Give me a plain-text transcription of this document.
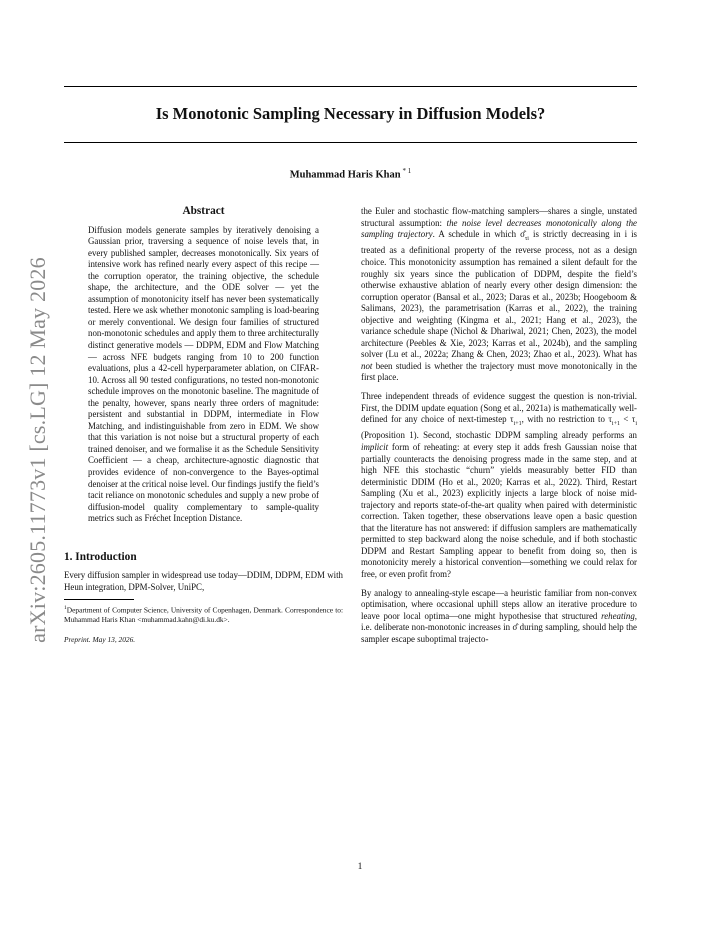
Is Monotonic Sampling Necessary in Diffusion Models?
Muhammad Haris Khan $^{* 1}$
arXiv:2605.11773v1 [cs.LG] 12 May 2026
Abstract
Diffusion models generate samples by iteratively denoising a Gaussian prior, traversing a sequence of noise levels that, in every published sampler, decreases monotonically. Six years of intensive work has refined nearly every aspect of this recipe — the corruption operator, the training objective, the schedule shape, the architecture, and the ODE solver — yet the assumption of monotonicity itself has never been systematically tested. Here we ask whether monotonic sampling is load-bearing or merely conventional. We design four families of structured non-monotonic schedules and apply them to three architecturally distinct generative models — DDPM, EDM and Flow Matching — across NFE budgets ranging from 10 to 200 function evaluations, plus a 42-cell hyperparameter ablation, on CIFAR-10. Across all 90 tested configurations, no tested non-monotonic schedule improves on the monotonic baseline. The magnitude of the penalty, however, spans nearly three orders of magnitude: persistent and substantial in DDPM, intermediate in Flow Matching, and indistinguishable from zero in EDM. We show that this variation is not noise but a structural property of each trained denoiser, and we formalise it as the Schedule Sensitivity Coefficient — a cheap, architecture-agnostic diagnostic that provides evidence of non-convergence to the Bayes-optimal denoiser at the critical noise level. Our findings justify the field’s tacit reliance on monotonic schedules and supply a new probe of diffusion-model quality complementary to sample-quality metrics such as Fréchet Inception Distance.
1. Introduction
Every diffusion sampler in widespread use today—DDIM, DDPM, EDM with Heun integration, DPM-Solver, UniPC,
$^1$Department of Computer Science, University of Copenhagen, Denmark. Correspondence to: Muhammad Haris Khan <muhammad.kahn@di.ku.dk>.
Preprint. May 13, 2026.
the Euler and stochastic flow-matching samplers—shares a single, unstated structural assumption: the noise level decreases monotonically along the sampling trajectory. A schedule in which $\sigmâ_{\tau i}$ is strictly decreasing in i is treated as a definitional property of the reverse process, not as a design choice. This monotonicity assumption has remained a silent default for the roughly six years since the publication of DDPM, despite the field’s otherwise exhaustive ablation of nearly every other design dimension: the corruption operator (Bansal et al., 2023; Daras et al., 2023b; Hoogeboom & Salimans, 2023), the parametrisation (Karras et al., 2022), the training objective and weighting (Kingma et al., 2021; Hang et al., 2023), the variance schedule shape (Nichol & Dhariwal, 2021; Chen, 2023), the model architecture (Peebles & Xie, 2023; Karras et al., 2024b), and the sampling solver (Lu et al., 2022a; Zhang & Chen, 2023; Zhao et al., 2023). What has not been studied is whether the trajectory must move monotonically in the first place.
Three independent threads of evidence suggest the question is non-trivial. First, the DDIM update equation (Song et al., 2021a) is mathematically well-defined for any choice of next-timestep $\tau_{i+1}$, with no restriction to $\tau_{i+1} < \tau_i$ (Proposition 1). Second, stochastic DDPM sampling already performs an implicit form of reheating: at every step it adds fresh Gaussian noise that partially counteracts the denoising progress made in the same step, and at high NFE this stochastic “churn” yields measurably better FID than deterministic DDIM (Ho et al., 2020; Karras et al., 2022). Third, Restart Sampling (Xu et al., 2023) explicitly injects a large block of noise mid-trajectory and reports state-of-the-art quality when paired with deterministic correction. Taken together, these observations leave open a basic question that the literature has not answered: if diffusion samplers are mathematically permitted to step backward along the noise schedule, and if both stochastic DDPM and Restart Sampling appear to benefit from doing so, then is monotonicity merely a historical convention—something we could relax for free, or even profit from?
By analogy to annealing-style escape—a heuristic familiar from non-convex optimisation, where occasional uphill steps allow an iterative procedure to leave poor local optima—one might hypothesise that structured reheating, i.e. deliberate non-monotonic increases in σ̂ during sampling, should help the sampler escape suboptimal trajecto-
1
